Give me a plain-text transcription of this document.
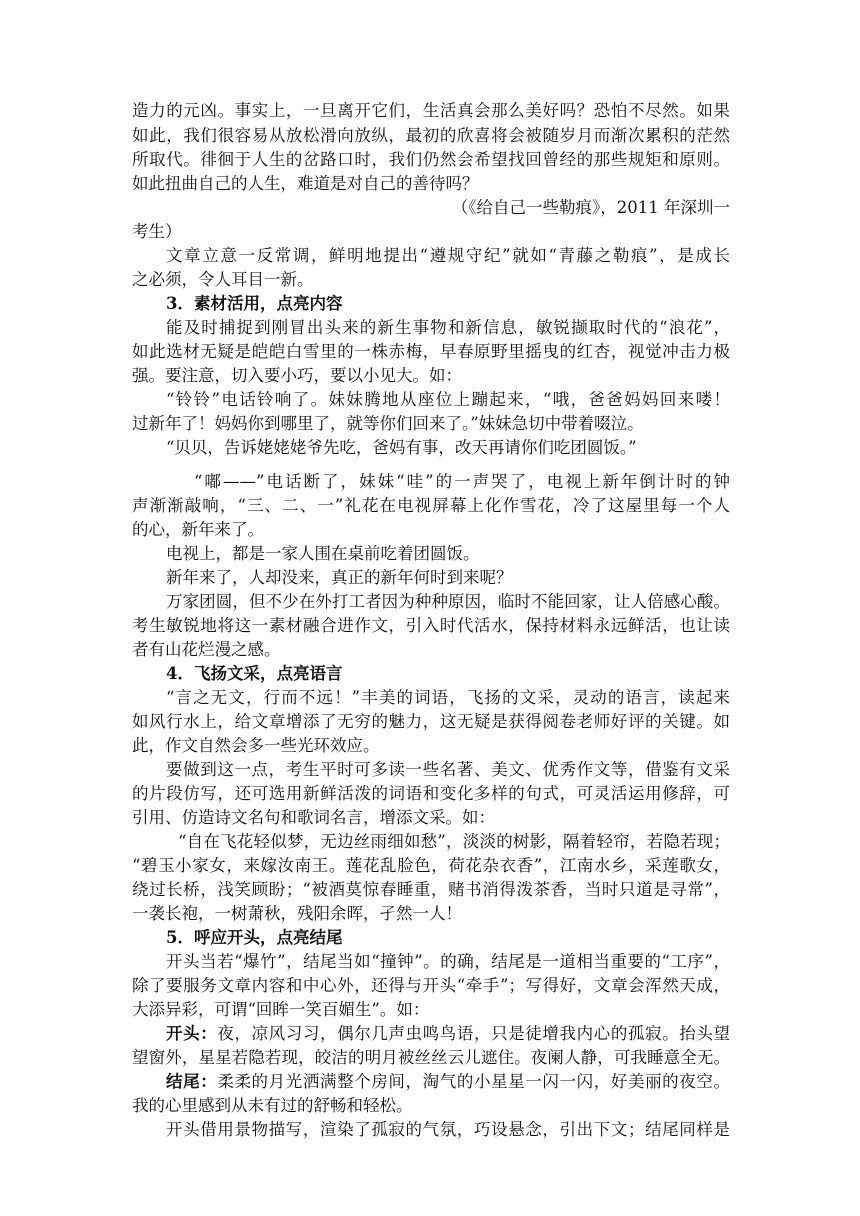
造力的元凶。事实上，一旦离开它们，生活真会那么美好吗？恐怕不尽然。如果
如此，我们很容易从放松滑向放纵，最初的欣喜将会被随岁月而渐次累积的茫然
所取代。徘徊于人生的岔路口时，我们仍然会希望找回曾经的那些规矩和原则。
如此扭曲自己的人生，难道是对自己的善待吗？
（《给自己一些勒痕》，2011 年深圳一
考生）
文章立意一反常调，鲜明地提出“遵规守纪”就如“青藤之勒痕”，是成长
之必须，令人耳目一新。
3．素材活用，点亮内容
能及时捕捉到刚冒出头来的新生事物和新信息，敏锐撷取时代的“浪花”，
如此选材无疑是皑皑白雪里的一株赤梅，早春原野里摇曳的红杏，视觉冲击力极
强。要注意，切入要小巧，要以小见大。如：
“铃铃”电话铃响了。妹妹腾地从座位上蹦起来，“哦，爸爸妈妈回来喽！
过新年了！妈妈你到哪里了，就等你们回来了。”妹妹急切中带着啜泣。
“贝贝，告诉姥姥姥爷先吃，爸妈有事，改天再请你们吃团圆饭。”
“嘟——”电话断了，妹妹“哇”的一声哭了，电视上新年倒计时的钟
声渐渐敲响，“三、二、一”礼花在电视屏幕上化作雪花，冷了这屋里每一个人
的心，新年来了。
电视上，都是一家人围在桌前吃着团圆饭。
新年来了，人却没来，真正的新年何时到来呢？
万家团圆，但不少在外打工者因为种种原因，临时不能回家，让人倍感心酸。
考生敏锐地将这一素材融合进作文，引入时代活水，保持材料永远鲜活，也让读
者有山花烂漫之感。
4．飞扬文采，点亮语言
“言之无文，行而不远！”丰美的词语，飞扬的文采，灵动的语言，读起来
如风行水上，给文章增添了无穷的魅力，这无疑是获得阅卷老师好评的关键。如
此，作文自然会多一些光环效应。
要做到这一点，考生平时可多读一些名著、美文、优秀作文等，借鉴有文采
的片段仿写，还可选用新鲜活泼的词语和变化多样的句式，可灵活运用修辞，可
引用、仿造诗文名句和歌词名言，增添文采。如：
“自在飞花轻似梦，无边丝雨细如愁”，淡淡的树影，隔着轻帘，若隐若现；
“碧玉小家女，来嫁汝南王。莲花乱脸色，荷花杂衣香”，江南水乡，采莲歌女，
绕过长桥，浅笑顾盼；“被酒莫惊春睡重，赌书消得泼茶香，当时只道是寻常”，
一袭长袍，一树萧秋，残阳余晖，孑然一人！
5．呼应开头，点亮结尾
开头当若“爆竹”，结尾当如“撞钟”。的确，结尾是一道相当重要的“工序”，
除了要服务文章内容和中心外，还得与开头“牵手”；写得好，文章会浑然天成，
大添异彩，可谓“回眸一笑百媚生”。如：
开头：夜，凉风习习，偶尔几声虫鸣鸟语，只是徒增我内心的孤寂。抬头望
望窗外，星星若隐若现，皎洁的明月被丝丝云儿遮住。夜阑人静，可我睡意全无。
结尾：柔柔的月光洒满整个房间，淘气的小星星一闪一闪，好美丽的夜空。
我的心里感到从未有过的舒畅和轻松。
开头借用景物描写，渲染了孤寂的气氛，巧设悬念，引出下文；结尾同样是
